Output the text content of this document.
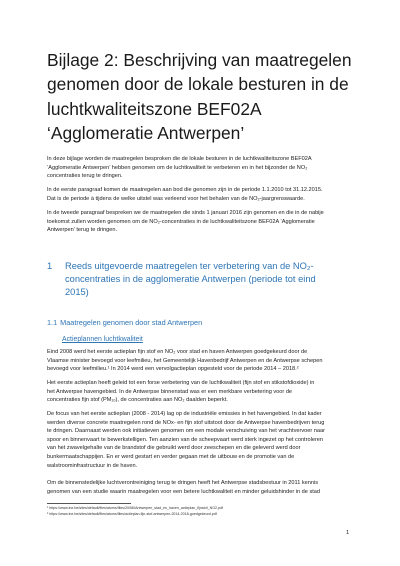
Bijlage 2: Beschrijving van maatregelen
genomen door de lokale besturen in de
luchtkwaliteitszone BEF02A
‘Agglomeratie Antwerpen’

In deze bijlage worden de maatregelen besproken die de lokale besturen in de luchtkwaliteitszone BEF02A
‘Agglomeratie Antwerpen’ hebben genomen om de luchtkwaliteit te verbeteren en in het bijzonder de NO₂
concentraties terug te dringen.

In de eerste paragraaf komen de maatregelen aan bod die genomen zijn in de periode 1.1.2010 tot 31.12.2015.
Dat is de periode à tijdens de welke uitstel was verleend voor het behalen van de NO₂-jaargrenswaarde.

In de tweede paragraaf bespreken we de maatregelen die sinds 1 januari 2016 zijn genomen en die in de nabije
toekomst zullen worden genomen om de NO₂-concentraties in de luchtkwaliteitszone BEF02A ‘Agglomeratie
Antwerpen’ terug te dringen.

1 Reeds uitgevoerde maatregelen ter verbetering van de NO₂-
concentraties in de agglomeratie Antwerpen (periode tot eind
2015)
1.1 Maatregelen genomen door stad Antwerpen
Actieplannen luchtkwaliteit

Eind 2008 werd het eerste actieplan fijn stof en NO₂ voor stad en haven Antwerpen goedgekeurd door de
Vlaamse minister bevoegd voor leefmilieu, het Gemeentelijk Havenbedrijf Antwerpen en de Antwerpse schepen
bevoegd voor leefmilieu.¹ In 2014 werd een vervolgactieplan opgesteld voor de periode 2014 – 2018.²

Het eerste actieplan heeft geleid tot een forse verbetering van de luchtkwaliteit (fijn stof en stikstofdioxide) in
het Antwerpse havengebied. In de Antwerpse binnenstad was er een merkbare verbetering voor de
concentraties fijn stof (PM₁₀), de concentraties aan NO₂ daalden beperkt.

De focus van het eerste actieplan (2008 - 2014) lag op de industriële emissies in het havengebied. In dat kader
werden diverse concrete maatregelen rond de NOx- en fijn stof uitstoot door de Antwerpse havenbedrijven terug
te dringen. Daarnaast werden ook initiatieven genomen om een modale verschuiving van het vrachtvervoer naar
spoor en binnenvaart te bewerkstelligen. Ten aanzien van de scheepvaart werd sterk ingezet op het controleren
van het zwavelgehalte van de brandstof die gebruikt werd door zeeschepen en die geleverd werd door
bunkermaatschappijen. En er werd gestart en verder gegaan met de uitbouw en de promotie van de
walstroominfrastructuur in de haven.

Om de binnenstedelijke luchtverontreiniging terug te dringen heeft het Antwerpse stadsbestuur in 2011 kennis
genomen van een studie waarin maatregelen voor een betere luchtkwaliteit en minder geluidshinder in de stad

¹ https://www.lne.be/sites/default/files/atoms/files/20080Antwerpen_stad_en_haven_actieplan_fijnstof_NO2.pdf
² https://www.lne.be/sites/default/files/atoms/files/actieplan-fijn-stof-antwerpen-2014-2018-goedgekeurd.pdf
1
